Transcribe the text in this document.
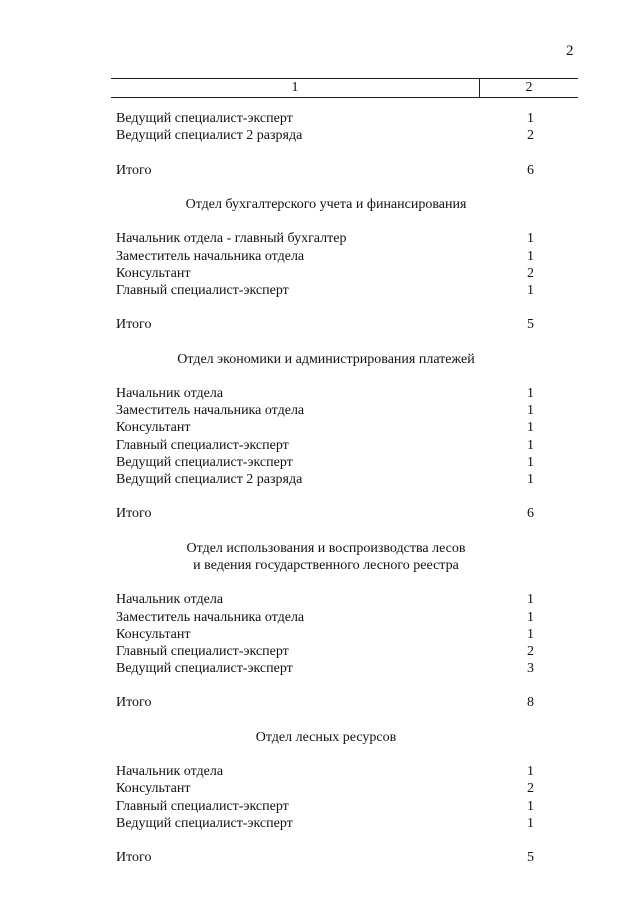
2
1	2
Ведущий специалист-эксперт	1
Ведущий специалист 2 разряда	2
Итого	6
Отдел бухгалтерского учета и финансирования
Начальник отдела - главный бухгалтер	1
Заместитель начальника отдела	1
Консультант	2
Главный специалист-эксперт	1
Итого	5
Отдел экономики и администрирования платежей
Начальник отдела	1
Заместитель начальника отдела	1
Консультант	1
Главный специалист-эксперт	1
Ведущий специалист-эксперт	1
Ведущий специалист 2 разряда	1
Итого	6
Отдел использования и воспроизводства лесов
и ведения государственного лесного реестра
Начальник отдела	1
Заместитель начальника отдела	1
Консультант	1
Главный специалист-эксперт	2
Ведущий специалист-эксперт	3
Итого	8
Отдел лесных ресурсов
Начальник отдела	1
Консультант	2
Главный специалист-эксперт	1
Ведущий специалист-эксперт	1
Итого	5
